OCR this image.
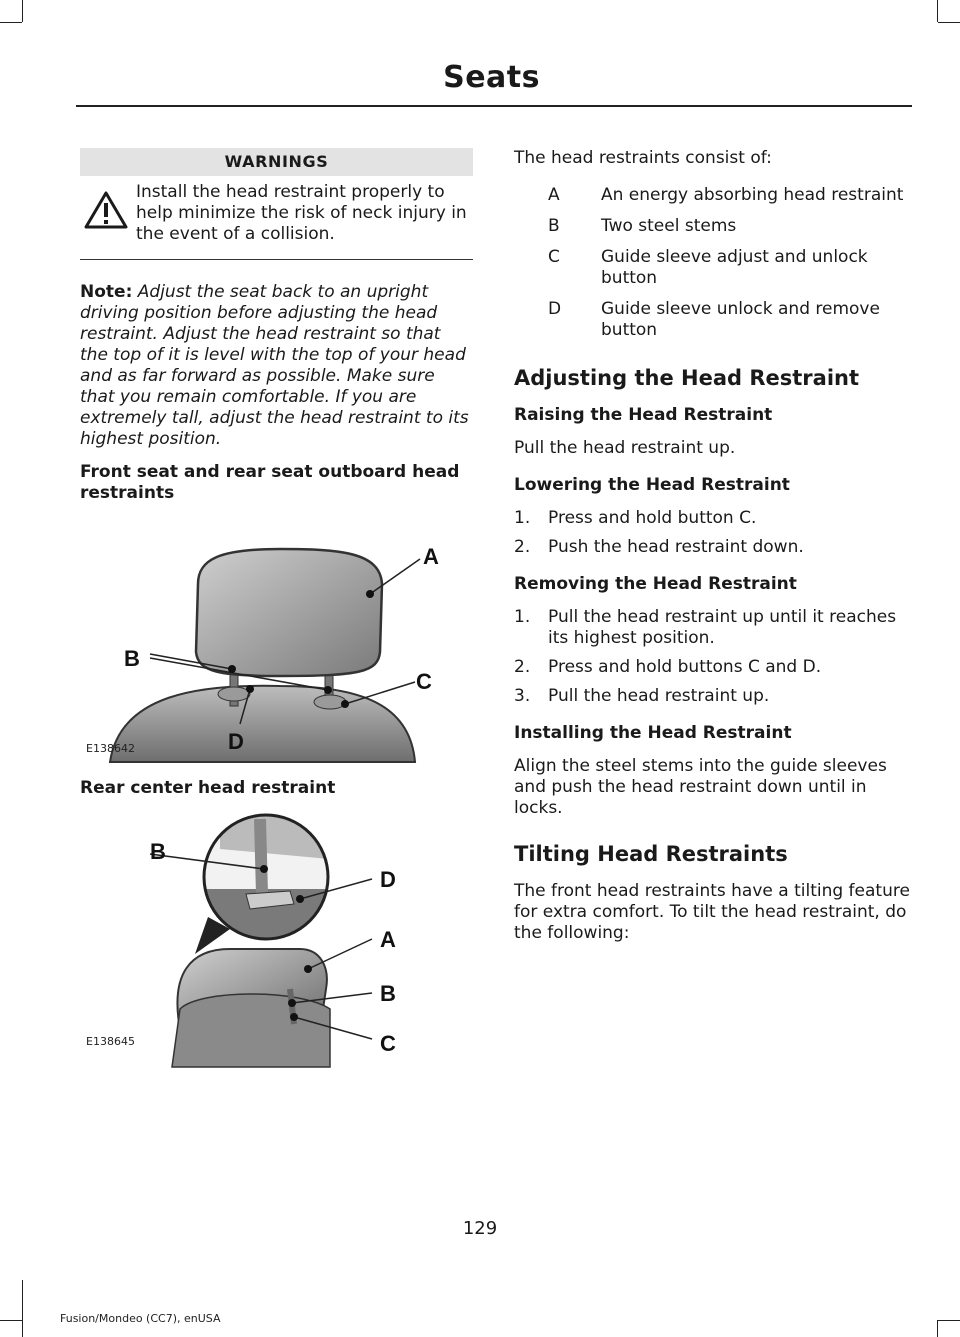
Seats
WARNINGS

Install the head restraint properly to help minimize the risk of neck injury in the event of a collision.

Note: Adjust the seat back to an upright driving position before adjusting the head restraint. Adjust the head restraint so that the top of it is level with the top of your head and as far forward as possible. Make sure that you remain comfortable. If you are extremely tall, adjust the head restraint to its highest position.

Front seat and rear seat outboard head restraints

A
B
C
D
E138642

Rear center head restraint

B
D
A
B
C
E138645

The head restraints consist of:

A	An energy absorbing head restraint
B	Two steel stems
C	Guide sleeve adjust and unlock button
D	Guide sleeve unlock and remove button

Adjusting the Head Restraint

Raising the Head Restraint

Pull the head restraint up.

Lowering the Head Restraint

1.	Press and hold button C.
2.	Push the head restraint down.

Removing the Head Restraint

1.	Pull the head restraint up until it reaches its highest position.
2.	Press and hold buttons C and D.
3.	Pull the head restraint up.

Installing the Head Restraint

Align the steel stems into the guide sleeves and push the head restraint down until in locks.

Tilting Head Restraints

The front head restraints have a tilting feature for extra comfort. To tilt the head restraint, do the following:

129
Fusion/Mondeo (CC7), enUSA
